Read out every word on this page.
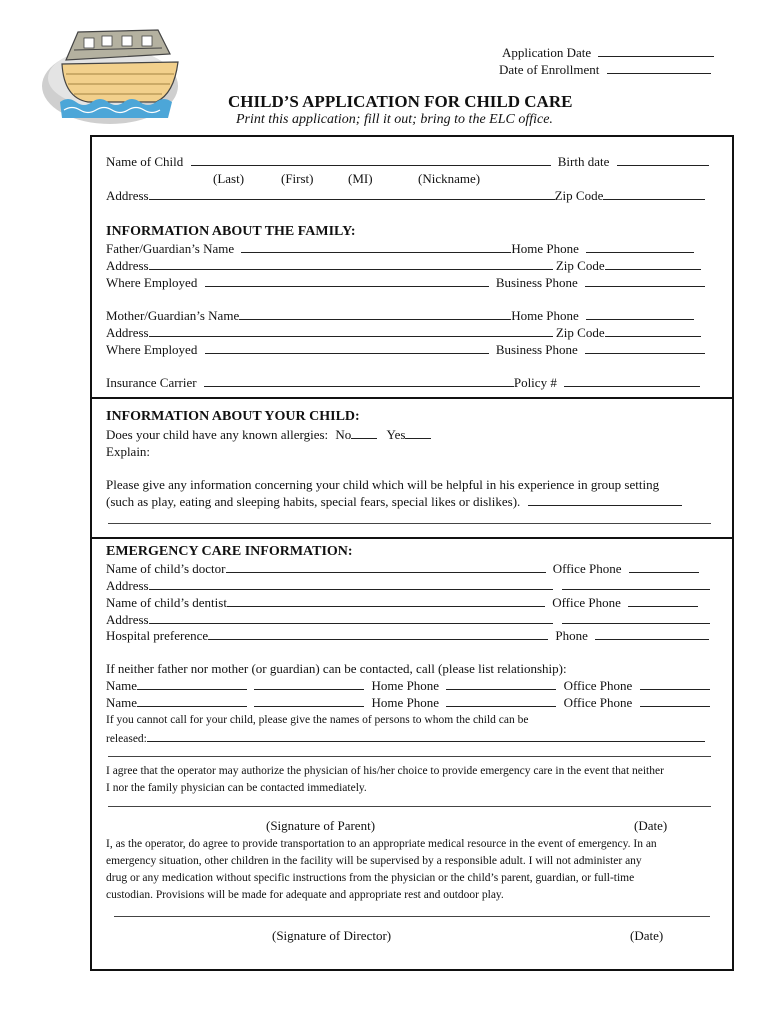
Application Date
Date of Enrollment
CHILD’S APPLICATION FOR CHILD CARE
Print this application; fill it out; bring to the ELC office.
Name of Child	Birth date
(Last)	(First)	(MI)	(Nickname)
Address	Zip Code
INFORMATION ABOUT THE FAMILY:
Father/Guardian’s Name	Home Phone
Address	Zip Code
Where Employed	Business Phone
Mother/Guardian’s Name	Home Phone
Address	Zip Code
Where Employed	Business Phone
Insurance Carrier	Policy #
INFORMATION ABOUT YOUR CHILD:
Does your child have any known allergies: No	Yes
Explain:
Please give any information concerning your child which will be helpful in his experience in group setting
(such as play, eating and sleeping habits, special fears, special likes or dislikes).
EMERGENCY CARE INFORMATION:
Name of child’s doctor	Office Phone
Address
Name of child’s dentist	Office Phone
Address
Hospital preference	Phone
If neither father nor mother (or guardian) can be contacted, call (please list relationship):
Name	Home Phone	Office Phone
Name	Home Phone	Office Phone
If you cannot call for your child, please give the names of persons to whom the child can be
released:
I agree that the operator may authorize the physician of his/her choice to provide emergency care in the event that neither
I nor the family physician can be contacted immediately.
(Signature of Parent)	(Date)
I, as the operator, do agree to provide transportation to an appropriate medical resource in the event of emergency. In an
emergency situation, other children in the facility will be supervised by a responsible adult. I will not administer any
drug or any medication without specific instructions from the physician or the child’s parent, guardian, or full-time
custodian. Provisions will be made for adequate and appropriate rest and outdoor play.
(Signature of Director)	(Date)
